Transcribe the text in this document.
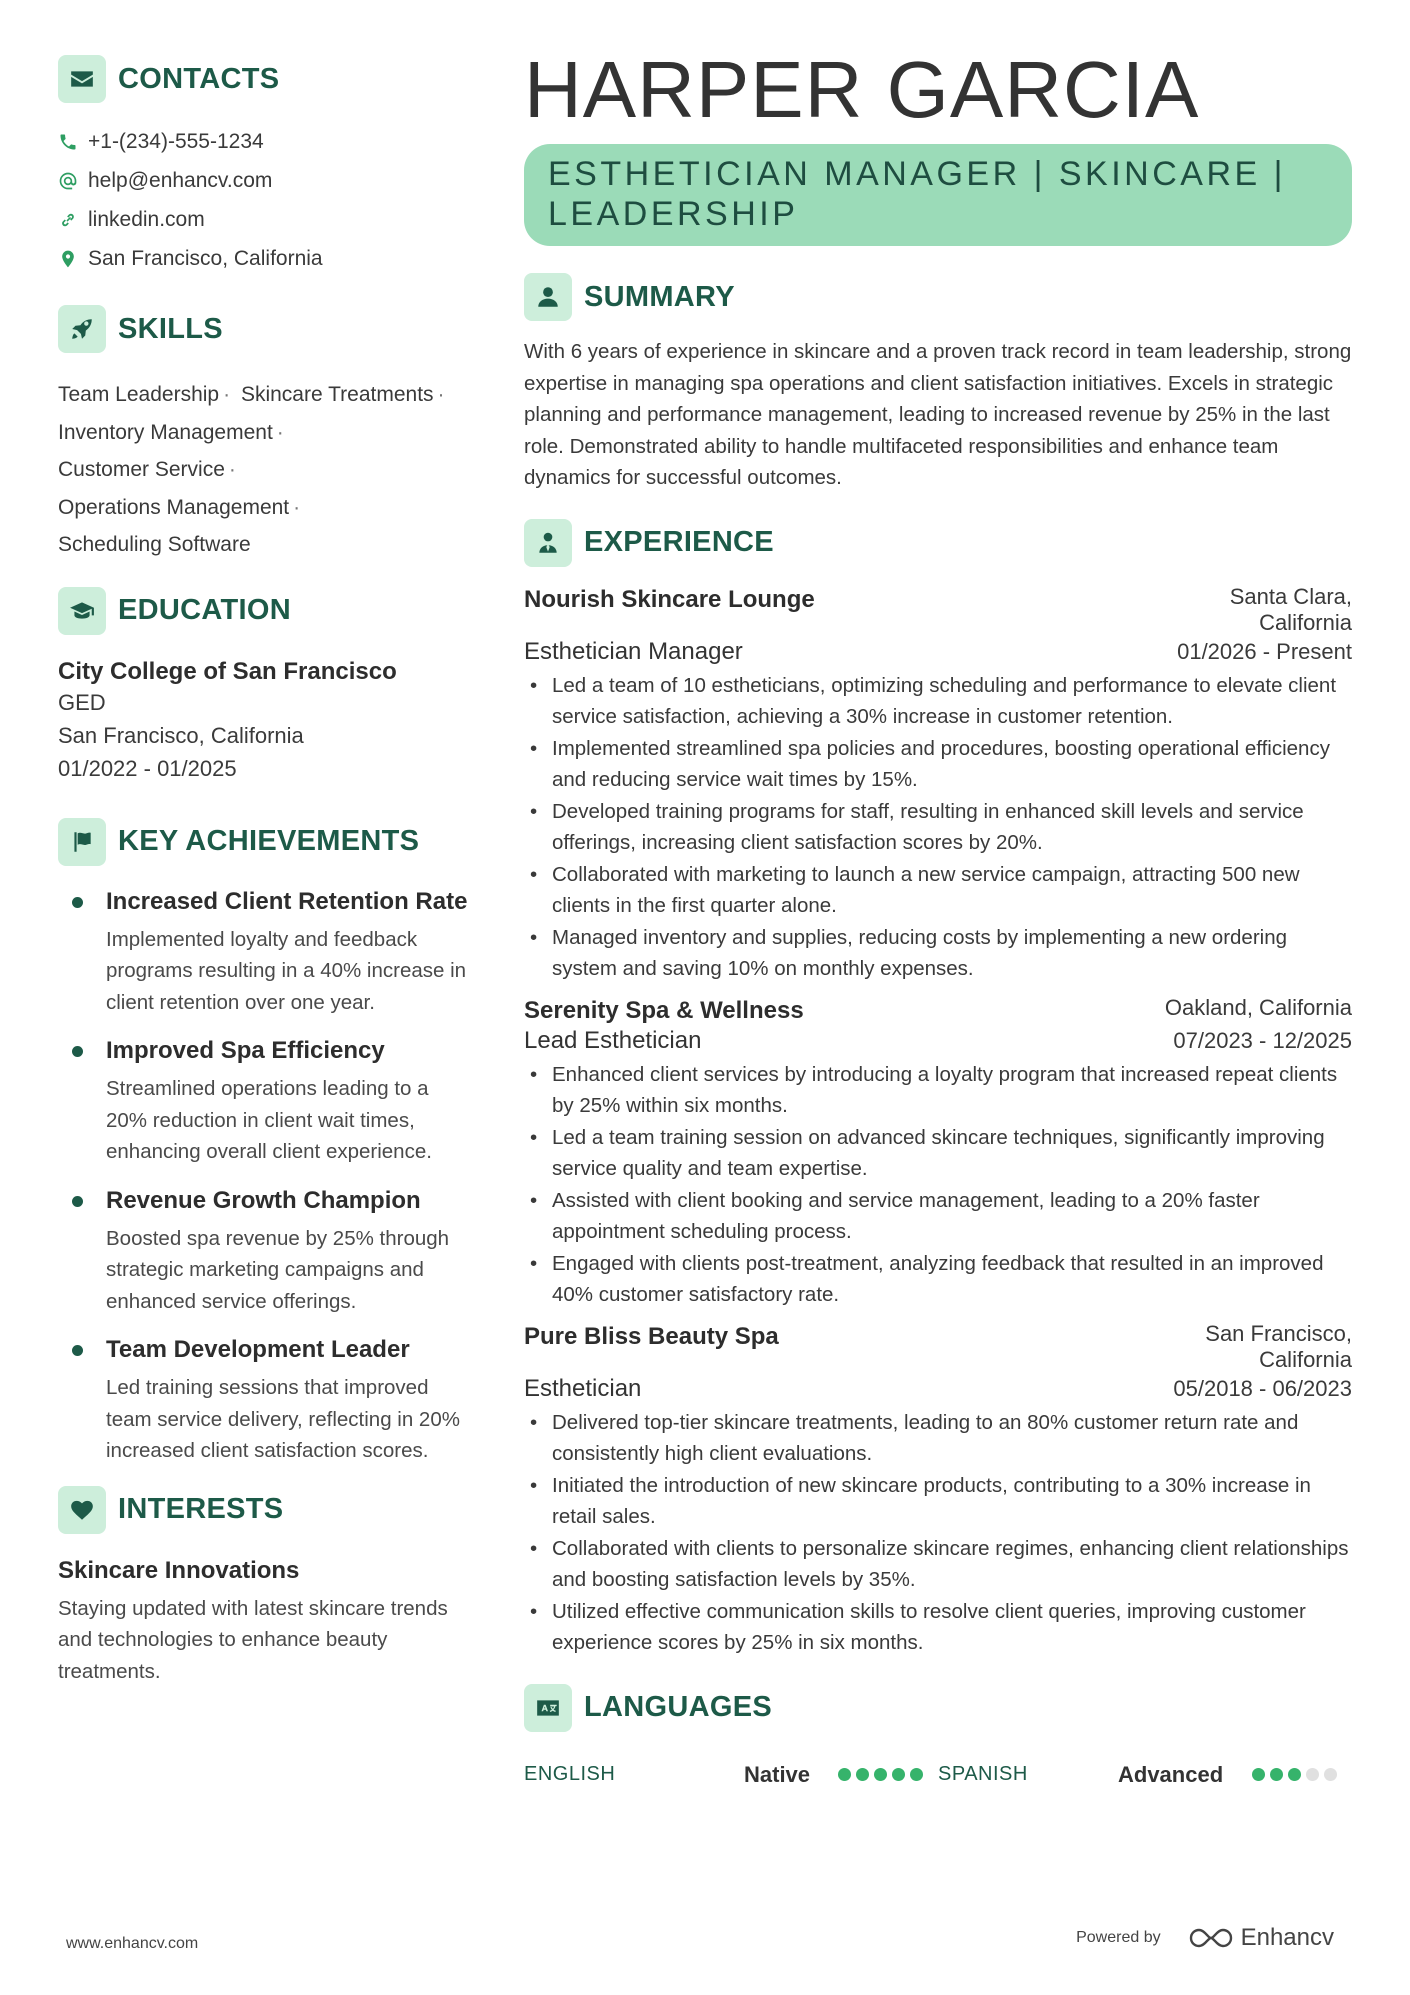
CONTACTS
+1-(234)-555-1234
help@enhancv.com
linkedin.com
San Francisco, California
SKILLS
Team Leadership · Skincare Treatments ·
Inventory Management ·
Customer Service ·
Operations Management ·
Scheduling Software
EDUCATION
City College of San Francisco
GED
San Francisco, California
01/2022 - 01/2025
KEY ACHIEVEMENTS
Increased Client Retention Rate
Implemented loyalty and feedback programs resulting in a 40% increase in client retention over one year.
Improved Spa Efficiency
Streamlined operations leading to a 20% reduction in client wait times, enhancing overall client experience.
Revenue Growth Champion
Boosted spa revenue by 25% through strategic marketing campaigns and enhanced service offerings.
Team Development Leader
Led training sessions that improved team service delivery, reflecting in 20% increased client satisfaction scores.
INTERESTS
Skincare Innovations
Staying updated with latest skincare trends and technologies to enhance beauty treatments.
HARPER GARCIA
ESTHETICIAN MANAGER | SKINCARE | LEADERSHIP
SUMMARY
With 6 years of experience in skincare and a proven track record in team leadership, strong expertise in managing spa operations and client satisfaction initiatives. Excels in strategic planning and performance management, leading to increased revenue by 25% in the last role. Demonstrated ability to handle multifaceted responsibilities and enhance team dynamics for successful outcomes.
EXPERIENCE
Nourish Skincare Lounge	Santa Clara, California
Esthetician Manager	01/2026 - Present
• Led a team of 10 estheticians, optimizing scheduling and performance to elevate client service satisfaction, achieving a 30% increase in customer retention.
• Implemented streamlined spa policies and procedures, boosting operational efficiency and reducing service wait times by 15%.
• Developed training programs for staff, resulting in enhanced skill levels and service offerings, increasing client satisfaction scores by 20%.
• Collaborated with marketing to launch a new service campaign, attracting 500 new clients in the first quarter alone.
• Managed inventory and supplies, reducing costs by implementing a new ordering system and saving 10% on monthly expenses.
Serenity Spa & Wellness	Oakland, California
Lead Esthetician	07/2023 - 12/2025
• Enhanced client services by introducing a loyalty program that increased repeat clients by 25% within six months.
• Led a team training session on advanced skincare techniques, significantly improving service quality and team expertise.
• Assisted with client booking and service management, leading to a 20% faster appointment scheduling process.
• Engaged with clients post-treatment, analyzing feedback that resulted in an improved 40% customer satisfactory rate.
Pure Bliss Beauty Spa	San Francisco, California
Esthetician	05/2018 - 06/2023
• Delivered top-tier skincare treatments, leading to an 80% customer return rate and consistently high client evaluations.
• Initiated the introduction of new skincare products, contributing to a 30% increase in retail sales.
• Collaborated with clients to personalize skincare regimes, enhancing client relationships and boosting satisfaction levels by 35%.
• Utilized effective communication skills to resolve client queries, improving customer experience scores by 25% in six months.
LANGUAGES
ENGLISH	Native	SPANISH	Advanced
www.enhancv.com	Powered by	Enhancv
